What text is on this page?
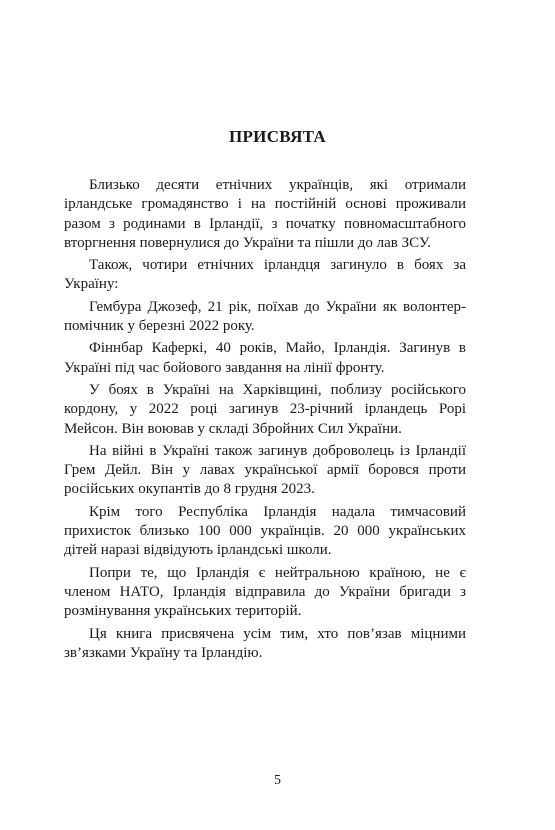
ПРИСВЯТА

Близько десяти етнічних українців, які отримали ірландське громадянство і на постійній основі проживали разом з родинами в Ірландії, з початку повномасштабного вторгнення повернулися до України та пішли до лав ЗСУ.

Також, чотири етнічних ірландця загинуло в боях за Україну:

Гембура Джозеф, 21 рік, поїхав до України як волонтер-помічник у березні 2022 року.

Фіннбар Каферкі, 40 років, Майо, Ірландія. Загинув в Україні під час бойового завдання на лінії фронту.

У боях в Україні на Харківщині, поблизу російського кордону, у 2022 році загинув 23-річний ірландець Рорі Мейсон. Він воював у складі Збройних Сил України.

На війні в Україні також загинув доброволець із Ірландії Грем Дейл. Він у лавах української армії боровся проти російських окупантів до 8 грудня 2023.

Крім того Республіка Ірландія надала тимчасовий прихисток близько 100 000 українців. 20 000 українських дітей наразі відвідують ірландські школи.

Попри те, що Ірландія є нейтральною країною, не є членом НАТО, Ірландія відправила до України бригади з розмінування українських територій.

Ця книга присвячена усім тим, хто пов’язав міцними зв’язками Україну та Ірландію.

5
